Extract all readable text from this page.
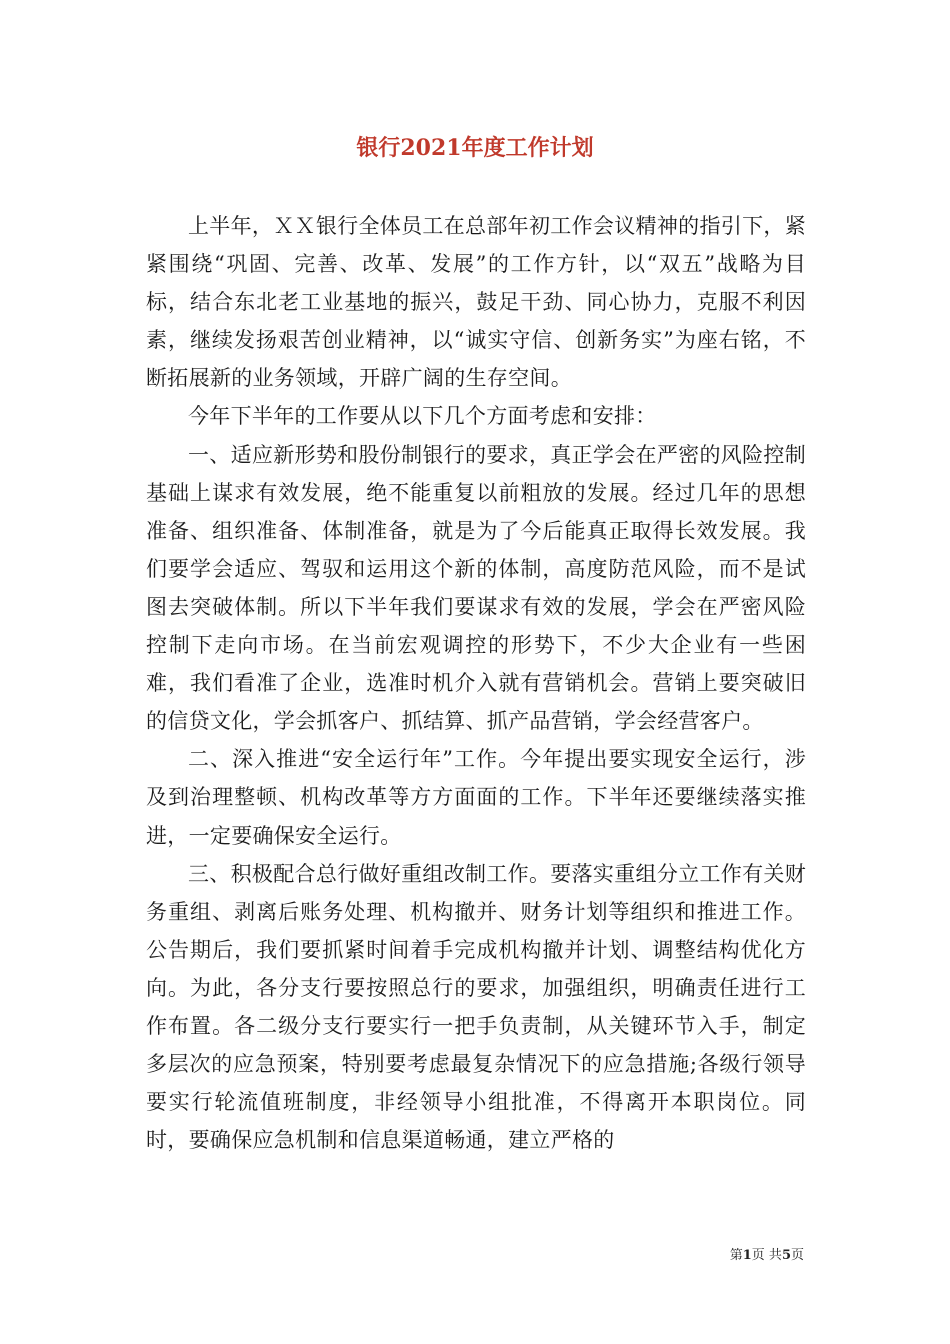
银行2021年度工作计划

上半年，ＸＸ银行全体员工在总部年初工作会议精神的指引下，紧紧围绕“巩固、完善、改革、发展”的工作方针，以“双五”战略为目标，结合东北老工业基地的振兴，鼓足干劲、同心协力，克服不利因素，继续发扬艰苦创业精神，以“诚实守信、创新务实”为座右铭，不断拓展新的业务领域，开辟广阔的生存空间。

今年下半年的工作要从以下几个方面考虑和安排：

一、适应新形势和股份制银行的要求，真正学会在严密的风险控制基础上谋求有效发展，绝不能重复以前粗放的发展。经过几年的思想准备、组织准备、体制准备，就是为了今后能真正取得长效发展。我们要学会适应、驾驭和运用这个新的体制，高度防范风险，而不是试图去突破体制。所以下半年我们要谋求有效的发展，学会在严密风险控制下走向市场。在当前宏观调控的形势下，不少大企业有一些困难，我们看准了企业，选准时机介入就有营销机会。营销上要突破旧的信贷文化，学会抓客户、抓结算、抓产品营销，学会经营客户。

二、深入推进“安全运行年”工作。今年提出要实现安全运行，涉及到治理整顿、机构改革等方方面面的工作。下半年还要继续落实推进，一定要确保安全运行。

三、积极配合总行做好重组改制工作。要落实重组分立工作有关财务重组、剥离后账务处理、机构撤并、财务计划等组织和推进工作。公告期后，我们要抓紧时间着手完成机构撤并计划、调整结构优化方向。为此，各分支行要按照总行的要求，加强组织，明确责任进行工作布置。各二级分支行要实行一把手负责制，从关键环节入手，制定多层次的应急预案，特别要考虑最复杂情况下的应急措施;各级行领导要实行轮流值班制度，非经领导小组批准，不得离开本职岗位。同时，要确保应急机制和信息渠道畅通，建立严格的

第1页 共5页
